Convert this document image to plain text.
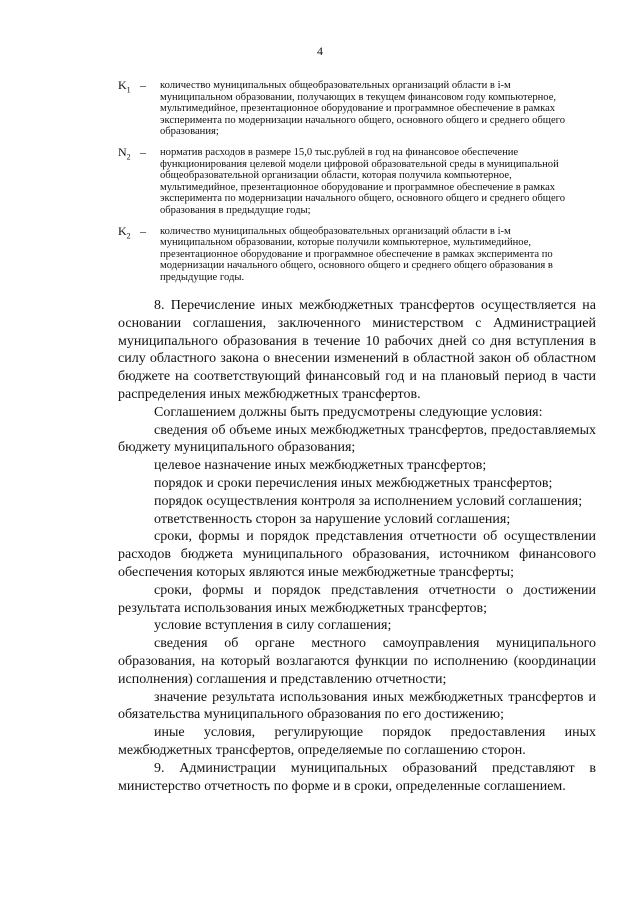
4
$K_1$ –	количество муниципальных общеобразовательных организаций области в i-м муниципальном образовании, получающих в текущем финансовом году компьютерное, мультимедийное, презентационное оборудование и программное обеспечение в рамках эксперимента по модернизации начального общего, основного общего и среднего общего образования;
$N_2$ –	норматив расходов в размере 15,0 тыс.рублей в год на финансовое обеспечение функционирования целевой модели цифровой образовательной среды в муниципальной общеобразовательной организации области, которая получила компьютерное, мультимедийное, презентационное оборудование и программное обеспечение в рамках эксперимента по модернизации начального общего, основного общего и среднего общего образования в предыдущие годы;
$K_2$ –	количество муниципальных общеобразовательных организаций области в i-м муниципальном образовании, которые получили компьютерное, мультимедийное, презентационное оборудование и программное обеспечение в рамках эксперимента по модернизации начального общего, основного общего и среднего общего образования в предыдущие годы.

8. Перечисление иных межбюджетных трансфертов осуществляется на основании соглашения, заключенного министерством с Администрацией муниципального образования в течение 10 рабочих дней со дня вступления в силу областного закона о внесении изменений в областной закон об областном бюджете на соответствующий финансовый год и на плановый период в части распределения иных межбюджетных трансфертов.

Соглашением должны быть предусмотрены следующие условия:

сведения об объеме иных межбюджетных трансфертов, предоставляемых бюджету муниципального образования;

целевое назначение иных межбюджетных трансфертов;

порядок и сроки перечисления иных межбюджетных трансфертов;

порядок осуществления контроля за исполнением условий соглашения;

ответственность сторон за нарушение условий соглашения;

сроки, формы и порядок представления отчетности об осуществлении расходов бюджета муниципального образования, источником финансового обеспечения которых являются иные межбюджетные трансферты;

сроки, формы и порядок представления отчетности о достижении результата использования иных межбюджетных трансфертов;

условие вступления в силу соглашения;

сведения об органе местного самоуправления муниципального образования, на который возлагаются функции по исполнению (координации исполнения) соглашения и представлению отчетности;

значение результата использования иных межбюджетных трансфертов и обязательства муниципального образования по его достижению;

иные условия, регулирующие порядок предоставления иных межбюджетных трансфертов, определяемые по соглашению сторон.

9. Администрации муниципальных образований представляют в министерство отчетность по форме и в сроки, определенные соглашением.
